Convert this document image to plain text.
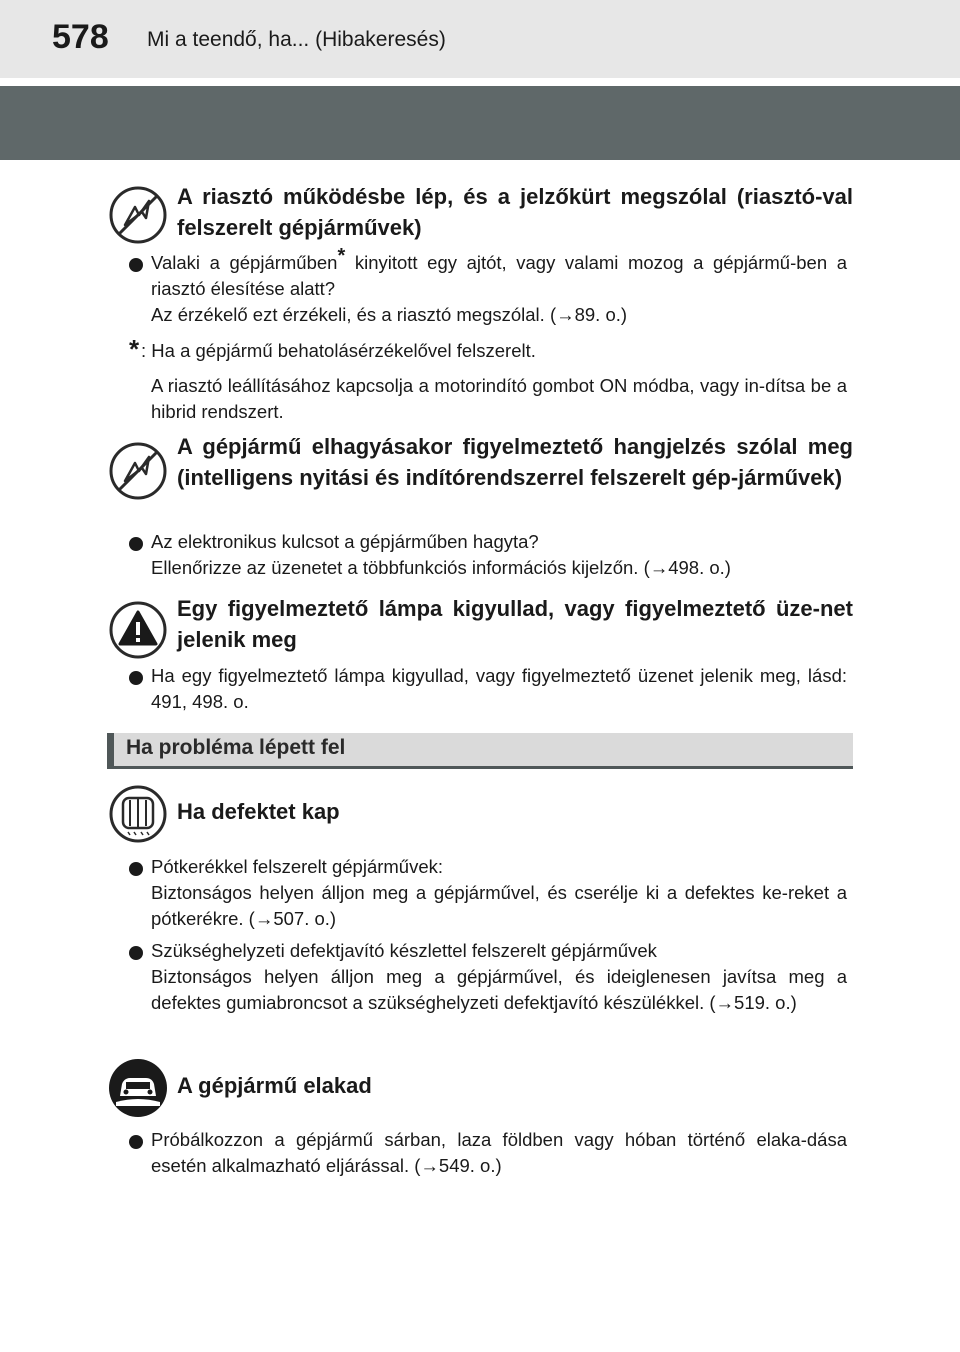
578 Mi a teendő, ha... (Hibakeresés)
A riasztó működésbe lép, és a jelzőkürt megszólal (riasztó-val felszerelt gépjárművek)
Valaki a gépjárműben* kinyitott egy ajtót, vagy valami mozog a gépjármű-ben a riasztó élesítése alatt?
Az érzékelő ezt érzékeli, és a riasztó megszólal. (→89. o.)
* : Ha a gépjármű behatolásérzékelővel felszerelt.
A riasztó leállításához kapcsolja a motorindító gombot ON módba, vagy in-dítsa be a hibrid rendszert.
A gépjármű elhagyásakor figyelmeztető hangjelzés szólal meg (intelligens nyitási és indítórendszerrel felszerelt gép-járművek)
Az elektronikus kulcsot a gépjárműben hagyta?
Ellenőrizze az üzenetet a többfunkciós információs kijelzőn. (→498. o.)
Egy figyelmeztető lámpa kigyullad, vagy figyelmeztető üze-net jelenik meg
Ha egy figyelmeztető lámpa kigyullad, vagy figyelmeztető üzenet jelenik meg, lásd: 491, 498. o.
Ha probléma lépett fel
Ha defektet kap
Pótkerékkel felszerelt gépjárművek:
Biztonságos helyen álljon meg a gépjárművel, és cserélje ki a defektes ke-reket a pótkerékre. (→507. o.)
Szükséghelyzeti defektjavító készlettel felszerelt gépjárművek
Biztonságos helyen álljon meg a gépjárművel, és ideiglenesen javítsa meg a defektes gumiabroncsot a szükséghelyzeti defektjavító készülékkel. (→519. o.)
A gépjármű elakad
Próbálkozzon a gépjármű sárban, laza földben vagy hóban történő elaka-dása esetén alkalmazható eljárással. (→549. o.)
